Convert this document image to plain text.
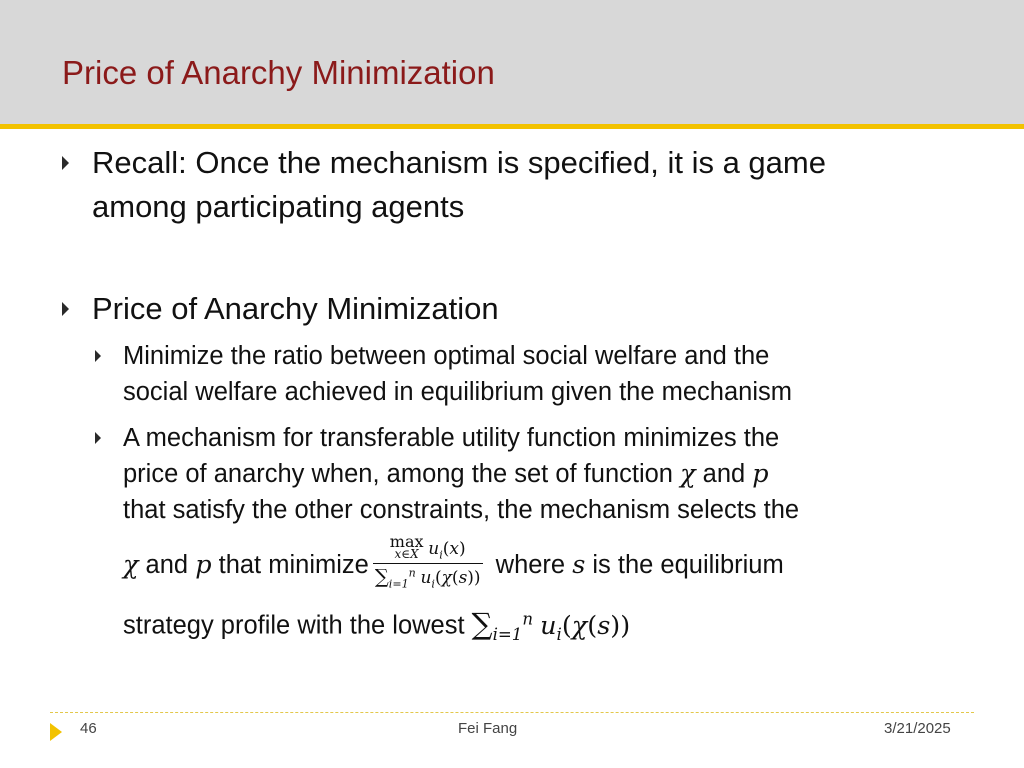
Price of Anarchy Minimization
Recall: Once the mechanism is specified, it is a game
among participating agents
Price of Anarchy Minimization
Minimize the ratio between optimal social welfare and the
social welfare achieved in equilibrium given the mechanism
A mechanism for transferable utility function minimizes the
price of anarchy when, among the set of function χ and p
that satisfy the other constraints, the mechanism selects the
χ and p that minimize max
x∈X $u_i(x)$
$\sum_{i=1}^n$ $u_i(\chi(s))$ where s is the equilibrium
strategy profile with the lowest $\sum_{i=1}^n$ $u_i(\chi(s))$
46	Fei Fang	3/21/2025
